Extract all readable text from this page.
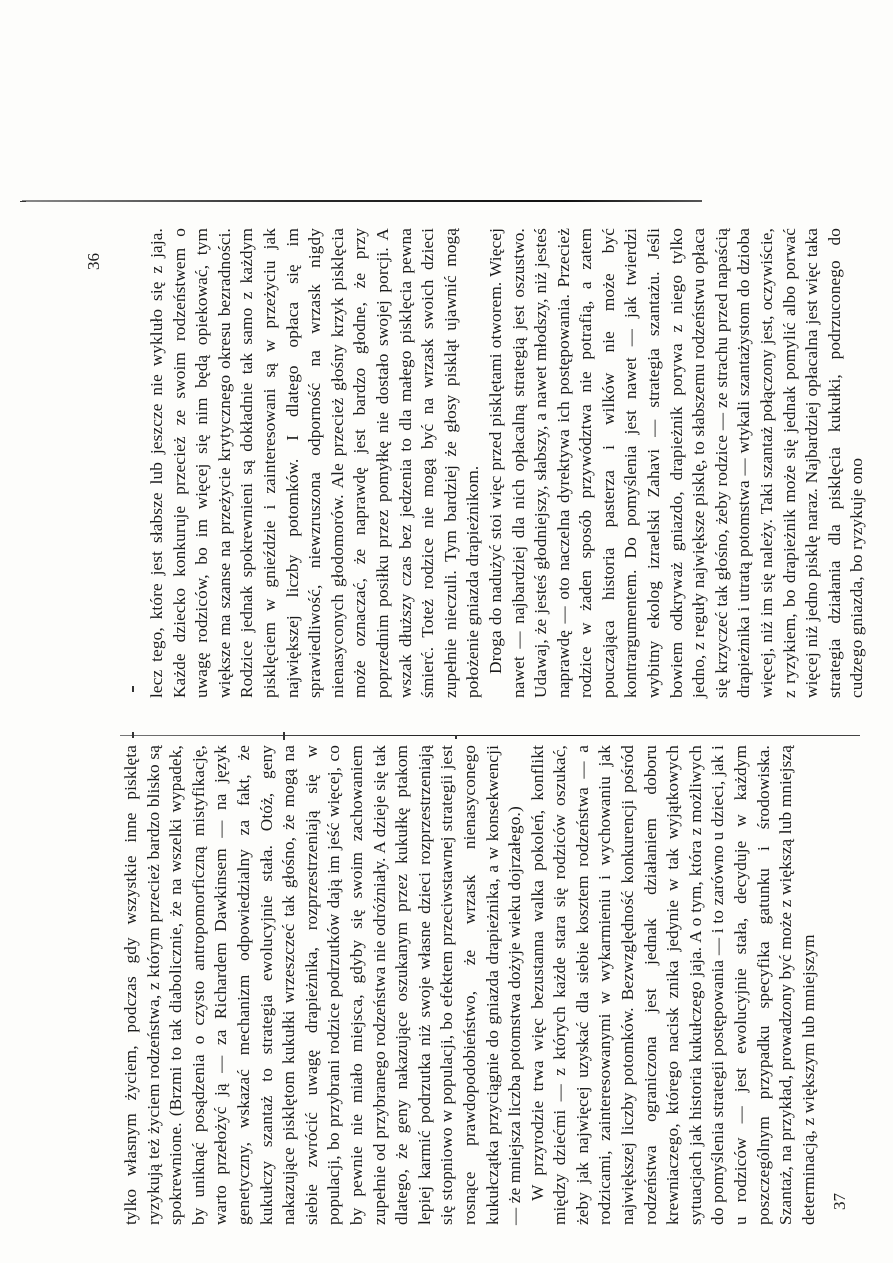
lecz tego, które jest słabsze lub jeszcze nie wykluło się z jaja. Każde dziecko konkuruje przecież ze swoim rodzeństwem o uwagę rodziców, bo im więcej się nim będą opiekować, tym większe ma szanse na przeżycie krytycznego okresu bezradności. Rodzice jednak spokrewnieni są dokładnie tak samo z każdym pisklęciem w gnieździe i zainteresowani są w przeżyciu jak największej liczby potomków. I dlatego opłaca się im sprawiedliwość, niewzruszona odporność na wrzask nigdy nienasyconych głodomorów. Ale przecież głośny krzyk pisklęcia może oznaczać, że naprawdę jest bardzo głodne, że przy poprzednim posiłku przez pomyłkę nie dostało swojej porcji. A wszak dłuższy czas bez jedzenia to dla małego pisklęcia pewna śmierć. Toteż rodzice nie mogą być na wrzask swoich dzieci zupełnie nieczuli. Tym bardziej że głosy piskląt ujawnić mogą położenie gniazda drapieżnikom. Droga do nadużyć stoi więc przed pisklętami otworem. Więcej nawet — najbardziej dla nich opłacalną strategią jest oszustwo. Udawaj, że jesteś głodniejszy, słabszy, a nawet młodszy, niż jesteś naprawdę — oto naczelna dyrektywa ich postępowania. Przecież rodzice w żaden sposób przywództwa nie potrafią, a zatem pouczająca historia pasterza i wilków nie może być kontrargumentem. Do pomyślenia jest nawet — jak twierdzi wybitny ekolog izraelski Zahavi — strategia szantażu. Jeśli bowiem odkryważ gniazdo, drapieżnik porywa z niego tylko jedno, z reguły największe pisklę, to słabszemu rodzeństwu opłaca się krzyczeć tak głośno, żeby rodzice — ze strachu przed napaścią drapieżnika i utratą potomstwa — wtykali szantażystom do dzioba więcej, niż im się należy. Taki szantaż połączony jest, oczywiście, z ryzykiem, bo drapieżnik może się jednak pomylić albo porwać więcej niż jedno pisklę naraz. Najbardziej opłacalna jest więc taka strategia działania dla pisklęcia kukułki, podrzuconego do cudzego gniazda, bo ryzykuje ono

36

tylko własnym życiem, podczas gdy wszystkie inne pisklęta ryzykują też życiem rodzeństwa, z którym przecież bardzo blisko są spokrewnione. (Brzmi to tak diabolicznie, że na wszelki wypadek, by uniknąć posądzenia o czysto antropomorficzną mistyfikację, warto przełożyć ją — za Richardem Dawkinsem — na język genetyczny, wskazać mechanizm odpowiedzialny za fakt, że kukułczy szantaż to strategia ewolucyjnie stała. Otóż, geny nakazujące pisklętom kukułki wrzeszczeć tak głośno, że mogą na siebie zwrócić uwagę drapieżnika, rozprzestrzeniają się w populacji, bo przybrani rodzice podrzutków dają im jeść więcej, co by pewnie nie miało miejsca, gdyby się swoim zachowaniem zupełnie od przybranego rodzeństwa nie odróżniały. A dzieje się tak dlatego, że geny nakazujące oszukanym przez kukułkę ptakom lepiej karmić podrzutka niż swoje własne dzieci rozprzestrzeniają się stopniowo w populacji, bo efektem przeciwstawnej strategii jest rosnące prawdopodobieństwo, że wrzask nienasyconego kukułczątka przyciągnie do gniazda drapieżnika, a w konsekwencji — że mniejsza liczba potomstwa dożyje wieku dojrzałego.) W przyrodzie trwa więc bezustanna walka pokoleń, konflikt między dziećmi — z których każde stara się rodziców oszukać, żeby jak najwięcej uzyskać dla siebie kosztem rodzeństwa — a rodzicami, zainteresowanymi w wykarmieniu i wychowaniu jak największej liczby potomków. Bezwzględność konkurencji pośród rodzeństwa ograniczona jest jednak działaniem doboru krewniaczego, którego nacisk znika jedynie w tak wyjątkowych sytuacjach jak historia kukułczego jaja. A o tym, która z możliwych do pomyślenia strategii postępowania — i to zarówno u dzieci, jak i u rodziców — jest ewolucyjnie stała, decyduje w każdym poszczególnym przypadku specyfika gatunku i środowiska. Szantaż, na przykład, prowadzony być może z większą lub mniejszą determinacją, z większym lub mniejszym 37
